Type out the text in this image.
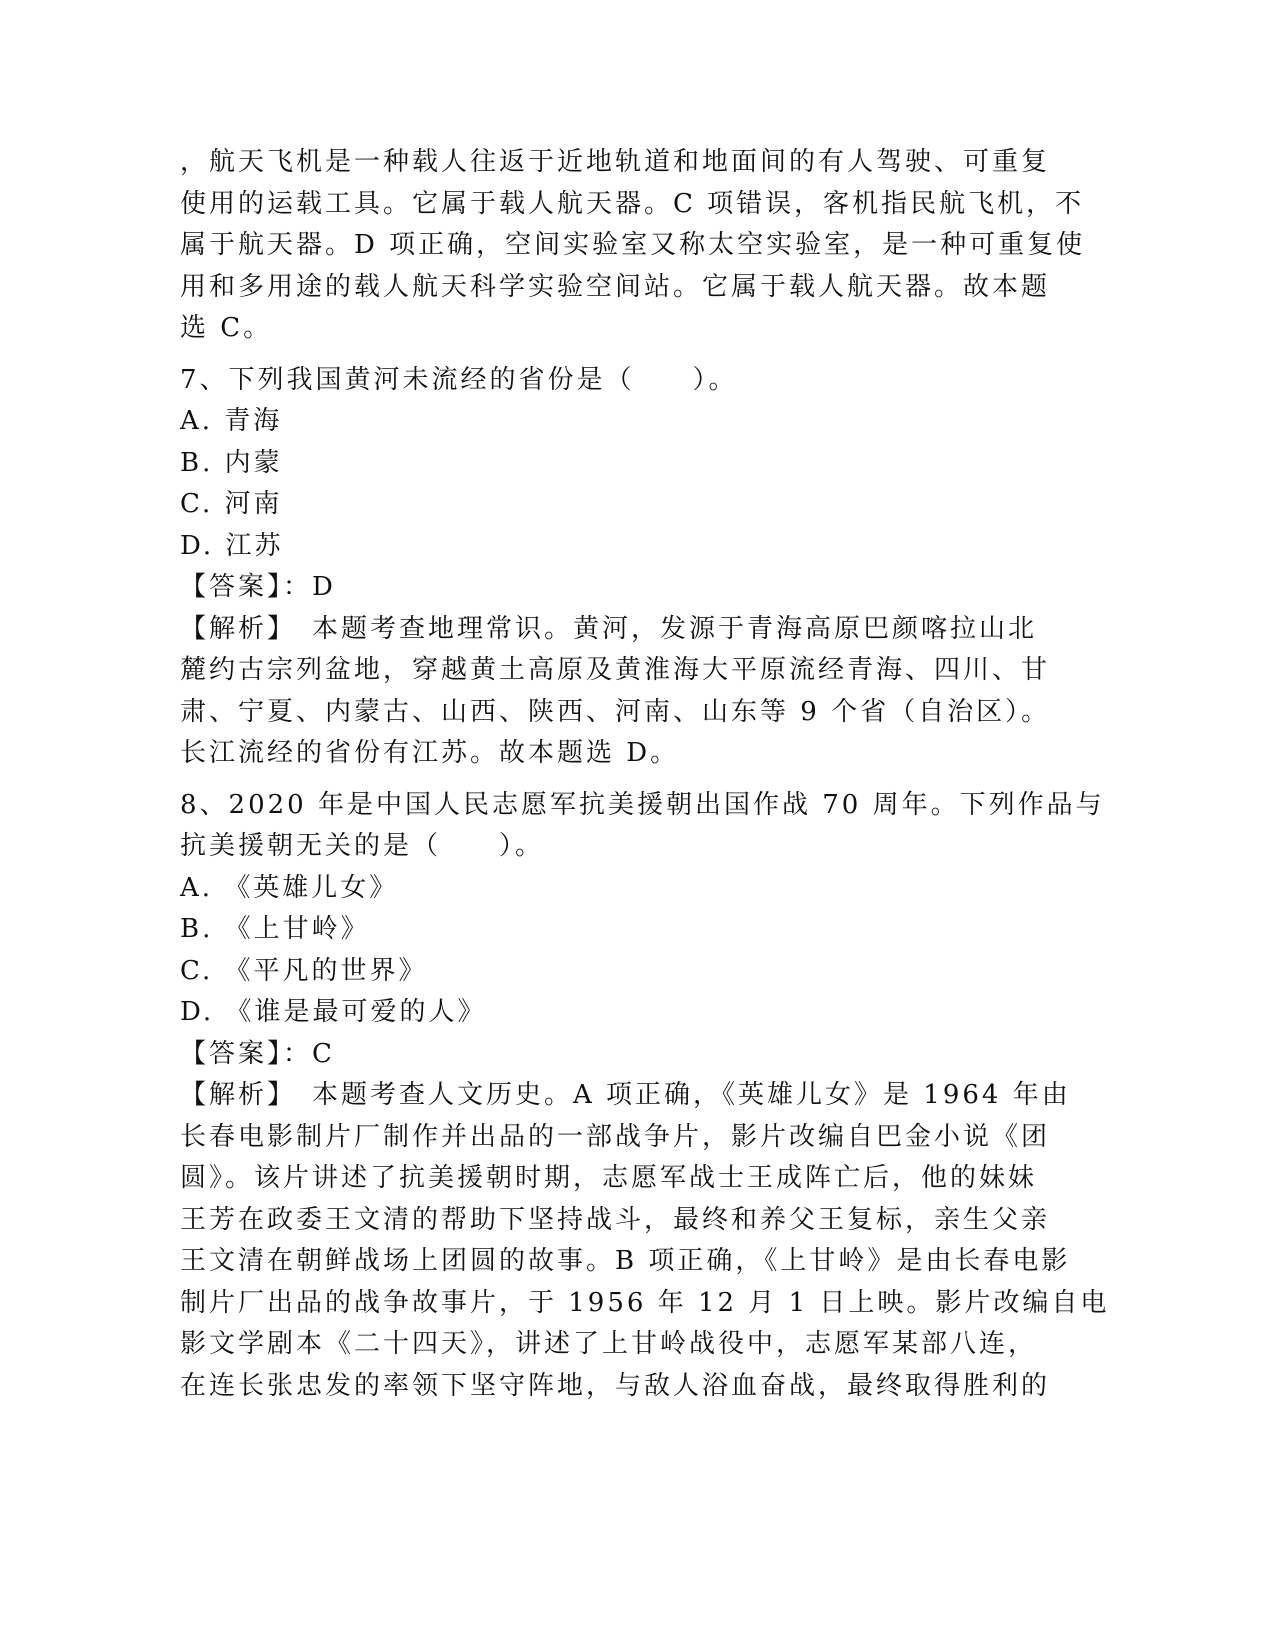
，航天飞机是一种载人往返于近地轨道和地面间的有人驾驶、可重复
使用的运载工具。它属于载人航天器。C 项错误，客机指民航飞机，不
属于航天器。D 项正确，空间实验室又称太空实验室，是一种可重复使
用和多用途的载人航天科学实验空间站。它属于载人航天器。故本题
选 C。
7、下列我国黄河未流经的省份是（　　）。
A. 青海
B. 内蒙
C. 河南
D. 江苏
【答案】：D
【解析】　本题考查地理常识。黄河，发源于青海高原巴颜喀拉山北
麓约古宗列盆地，穿越黄土高原及黄淮海大平原流经青海、四川、甘
肃、宁夏、内蒙古、山西、陕西、河南、山东等 9 个省（自治区）。
长江流经的省份有江苏。故本题选 D。
8、2020 年是中国人民志愿军抗美援朝出国作战 70 周年。下列作品与
抗美援朝无关的是（　　）。
A. 《英雄儿女》
B. 《上甘岭》
C. 《平凡的世界》
D. 《谁是最可爱的人》
【答案】：C
【解析】　本题考查人文历史。A 项正确，《英雄儿女》是 1964 年由
长春电影制片厂制作并出品的一部战争片，影片改编自巴金小说《团
圆》。该片讲述了抗美援朝时期，志愿军战士王成阵亡后，他的妹妹
王芳在政委王文清的帮助下坚持战斗，最终和养父王复标，亲生父亲
王文清在朝鲜战场上团圆的故事。B 项正确，《上甘岭》是由长春电影
制片厂出品的战争故事片，于 1956 年 12 月 1 日上映。影片改编自电
影文学剧本《二十四天》，讲述了上甘岭战役中，志愿军某部八连，
在连长张忠发的率领下坚守阵地，与敌人浴血奋战，最终取得胜利的
